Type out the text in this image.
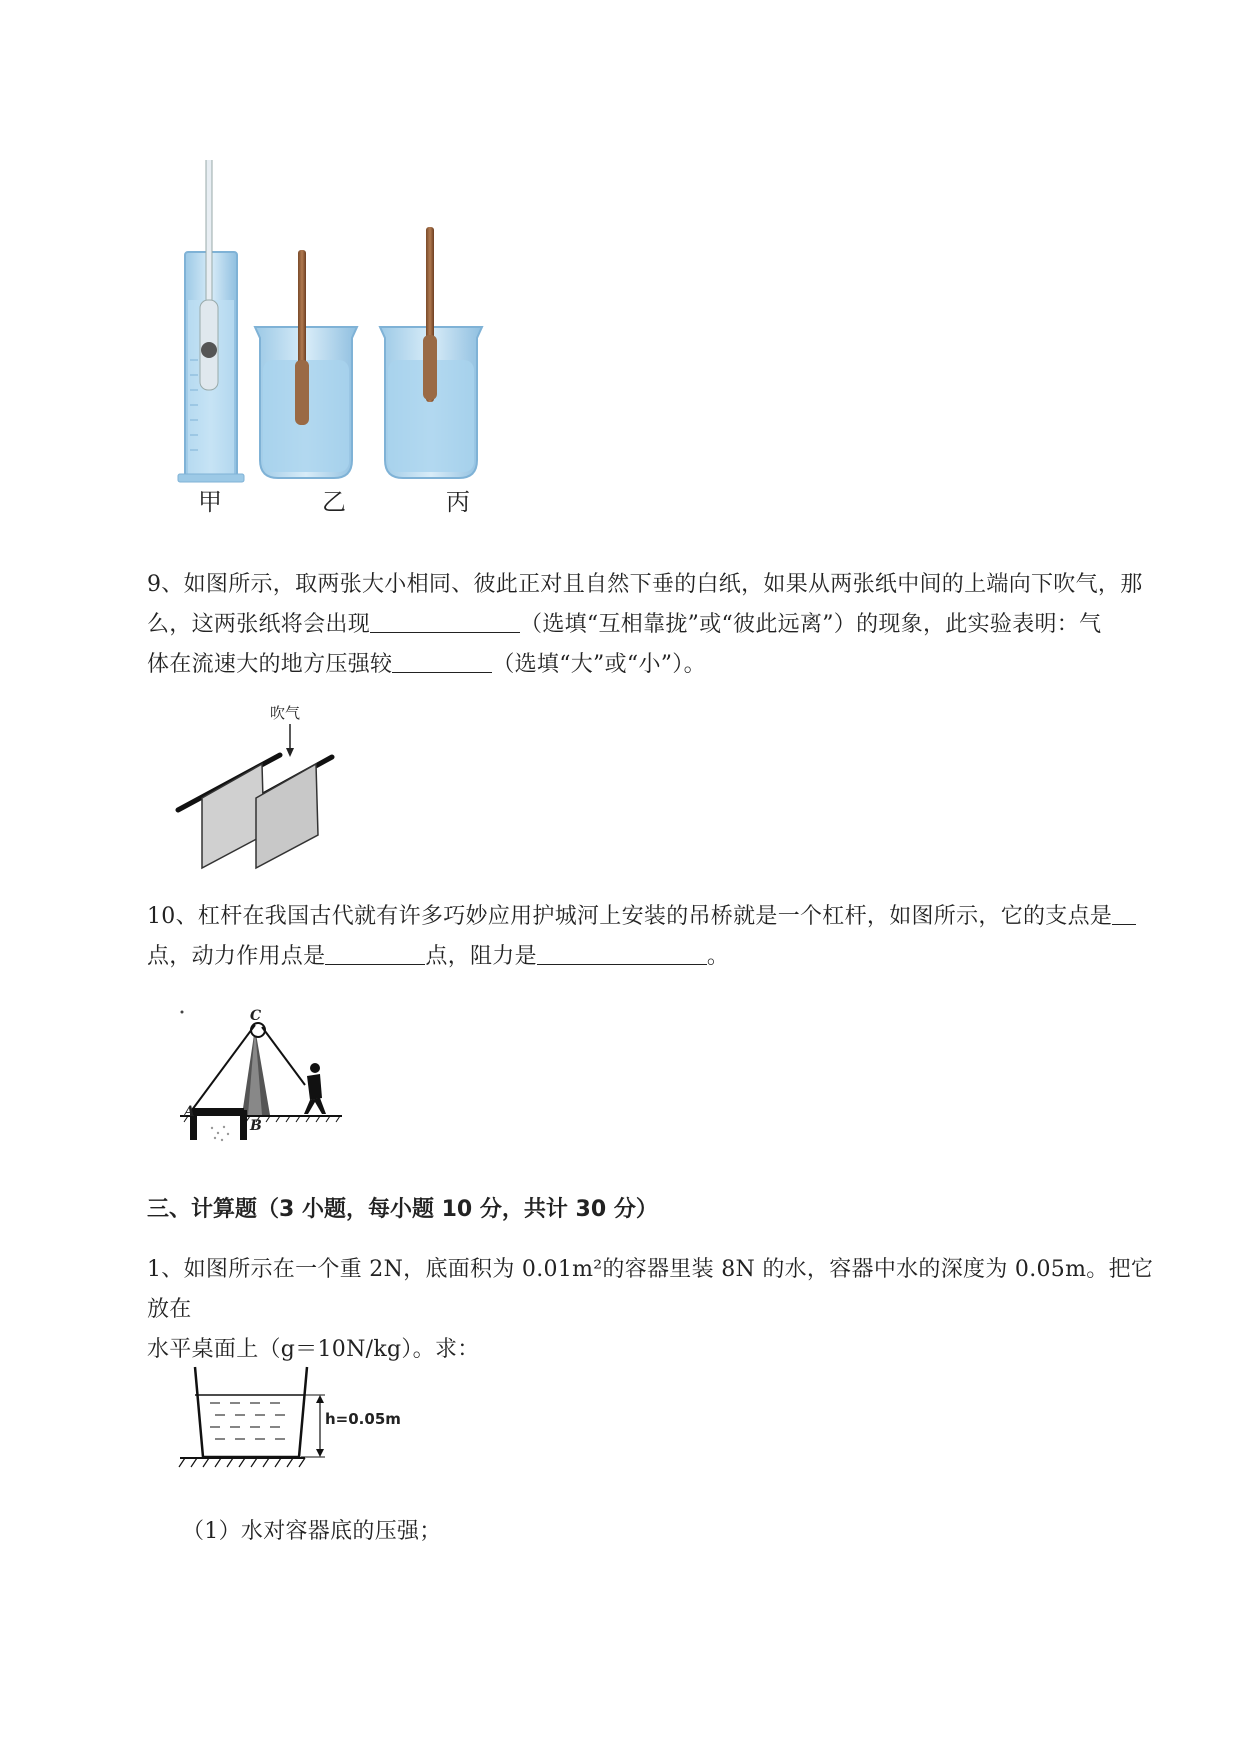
甲	乙	丙
9、如图所示，取两张大小相同、彼此正对且自然下垂的白纸，如果从两张纸中间的上端向下吹气，那
么，这两张纸将会出现	（选填“互相靠拢”或“彼此远离”）的现象，此实验表明：气
体在流速大的地方压强较	（选填“大”或“小”）。
吹气
10、杠杆在我国古代就有许多巧妙应用护城河上安装的吊桥就是一个杠杆，如图所示，它的支点是
点，动力作用点是	点，阻力是	。
A
B
C
三、计算题（3 小题，每小题 10 分，共计 30 分）
1、如图所示在一个重 2N，底面积为 0.01m²的容器里装 8N 的水，容器中水的深度为 0.05m。把它放在
水平桌面上（g＝10N/kg）。求：
h=0.05m
（1）水对容器底的压强；
